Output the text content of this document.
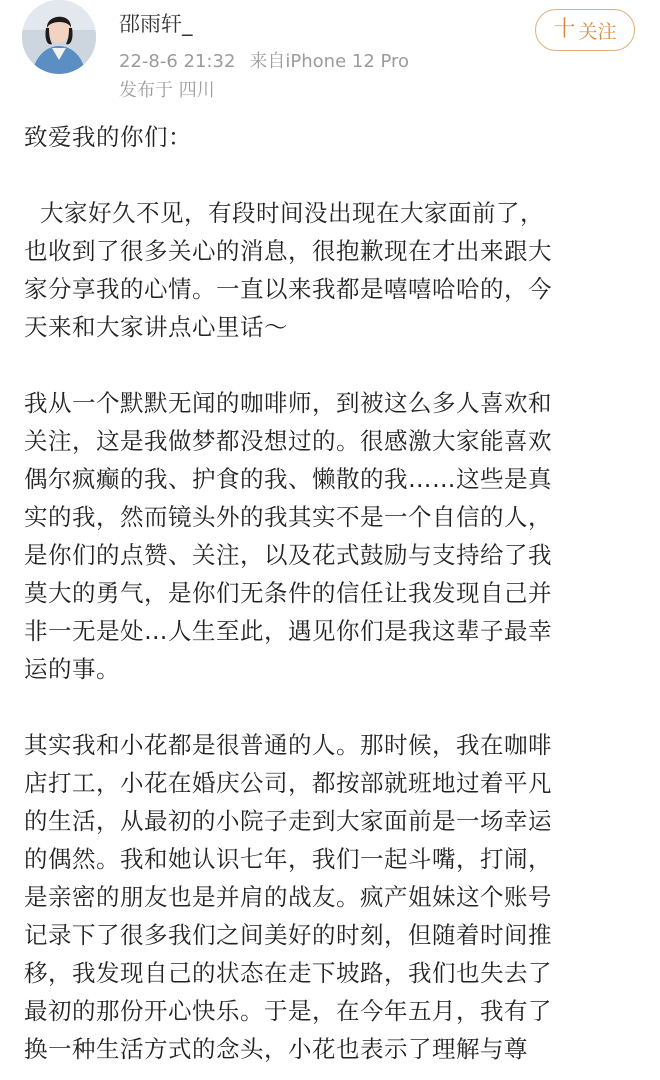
邵雨轩_
22-8-6 21:32 来自iPhone 12 Pro
发布于 四川
十 关注
致爱我的你们：
大家好久不见，有段时间没出现在大家面前了，
也收到了很多关心的消息，很抱歉现在才出来跟大
家分享我的心情。一直以来我都是嘻嘻哈哈的，今
天来和大家讲点心里话～
我从一个默默无闻的咖啡师，到被这么多人喜欢和
关注，这是我做梦都没想过的。很感激大家能喜欢
偶尔疯癫的我、护食的我、懒散的我……这些是真
实的我，然而镜头外的我其实不是一个自信的人，
是你们的点赞、关注，以及花式鼓励与支持给了我
莫大的勇气，是你们无条件的信任让我发现自己并
非一无是处…人生至此，遇见你们是我这辈子最幸
运的事。
其实我和小花都是很普通的人。那时候，我在咖啡
店打工，小花在婚庆公司，都按部就班地过着平凡
的生活，从最初的小院子走到大家面前是一场幸运
的偶然。我和她认识七年，我们一起斗嘴，打闹，
是亲密的朋友也是并肩的战友。疯产姐妹这个账号
记录下了很多我们之间美好的时刻，但随着时间推
移，我发现自己的状态在走下坡路，我们也失去了
最初的那份开心快乐。于是，在今年五月，我有了
换一种生活方式的念头，小花也表示了理解与尊
